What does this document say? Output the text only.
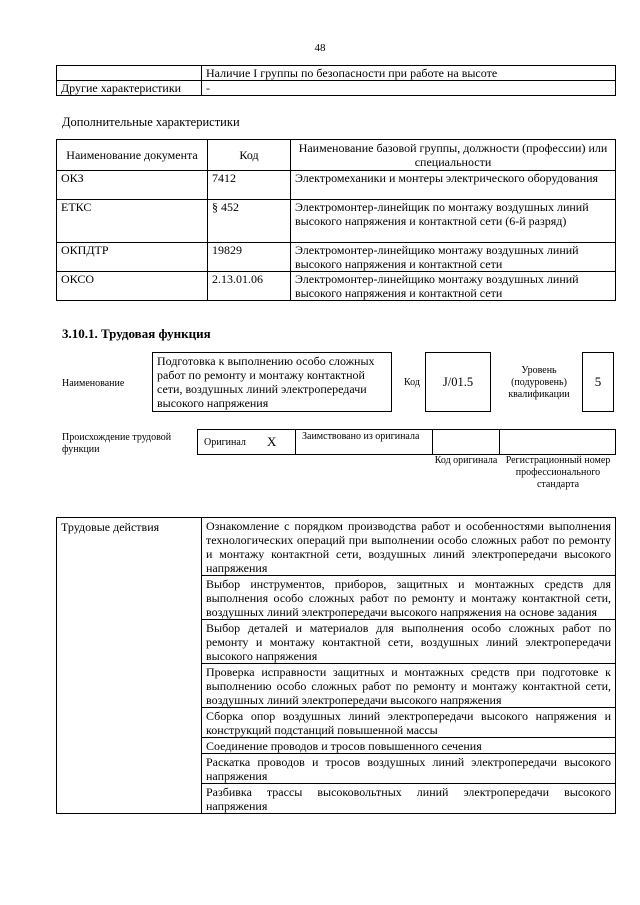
48
	Наличие I группы по безопасности при работе на высоте
Другие характеристики	-
Дополнительные характеристики
Наименование документа	Код	Наименование базовой группы, должности (профессии) или специальности
ОКЗ	7412	Электромеханики и монтеры электрического оборудования
ЕТКС	§ 452	Электромонтер-линейщик по монтажу воздушных линий высокого напряжения и контактной сети (6-й разряд)
ОКПДТР	19829	Электромонтер-линейщико монтажу воздушных линий высокого напряжения и контактной сети
ОКСО	2.13.01.06	Электромонтер-линейщико монтажу воздушных линий высокого напряжения и контактной сети
3.10.1. Трудовая функция
Наименование
Подготовка к выполнению особо сложных работ по ремонту и монтажу контактной сети, воздушных линий электропередачи высокого напряжения
Код	J/01.5
Уровень (подуровень) квалификации
5
Происхождение трудовой функции
Оригинал X	Заимствовано из оригинала
Код оригинала Регистрационный номер профессионального стандарта
Трудовые действия	Ознакомление с порядком производства работ и особенностями выполнения технологических операций при выполнении особо сложных работ по ремонту и монтажу контактной сети, воздушных линий электропередачи высокого напряжения
Выбор инструментов, приборов, защитных и монтажных средств для выполнения особо сложных работ по ремонту и монтажу контактной сети, воздушных линий электропередачи высокого напряжения на основе задания
Выбор деталей и материалов для выполнения особо сложных работ по ремонту и монтажу контактной сети, воздушных линий электропередачи высокого напряжения
Проверка исправности защитных и монтажных средств при подготовке к выполнению особо сложных работ по ремонту и монтажу контактной сети, воздушных линий электропередачи высокого напряжения
Сборка опор воздушных линий электропередачи высокого напряжения и конструкций подстанций повышенной массы
Соединение проводов и тросов повышенного сечения
Раскатка проводов и тросов воздушных линий электропередачи высокого напряжения
Разбивка трассы высоковольтных линий электропередачи высокого напряжения
